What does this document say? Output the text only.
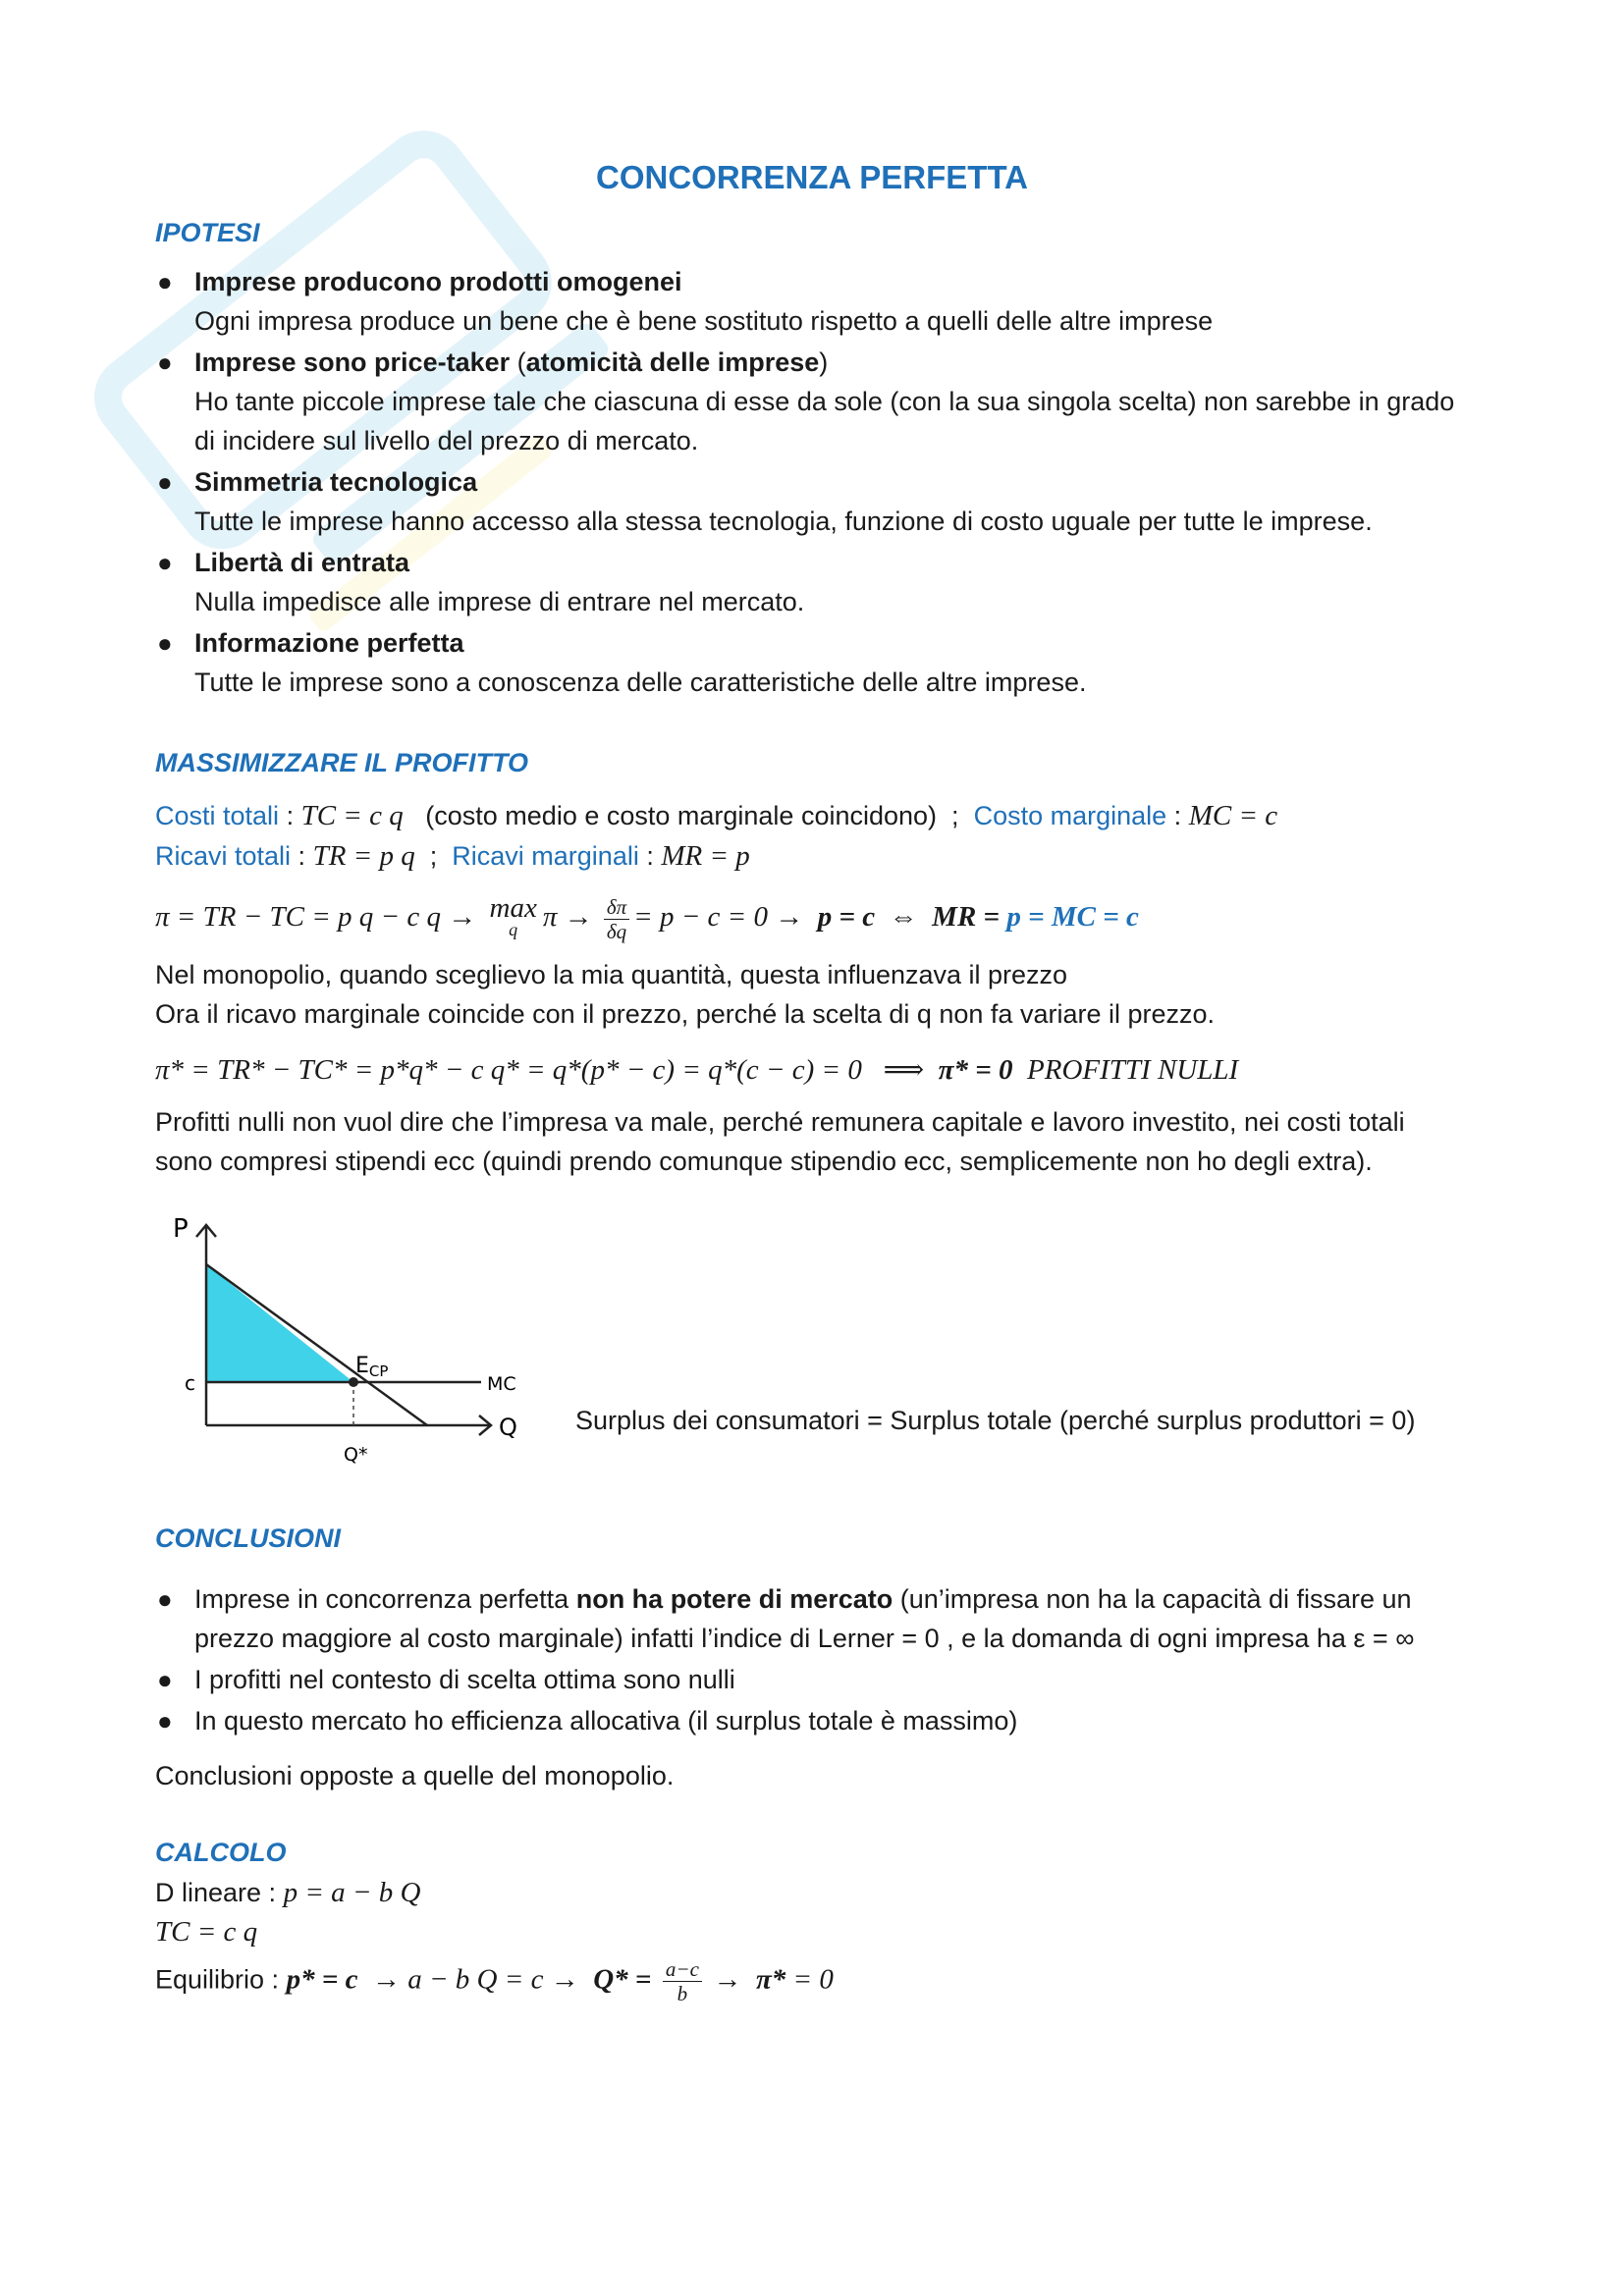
CONCORRENZA PERFETTA
IPOTESI
● Imprese producono prodotti omogenei
Ogni impresa produce un bene che è bene sostituto rispetto a quelli delle altre imprese
● Imprese sono price-taker (atomicità delle imprese)
Ho tante piccole imprese tale che ciascuna di esse da sole (con la sua singola scelta) non sarebbe in grado
di incidere sul livello del prezzo di mercato.
● Simmetria tecnologica
Tutte le imprese hanno accesso alla stessa tecnologia, funzione di costo uguale per tutte le imprese.
● Libertà di entrata
Nulla impedisce alle imprese di entrare nel mercato.
● Informazione perfetta
Tutte le imprese sono a conoscenza delle caratteristiche delle altre imprese.
MASSIMIZZARE IL PROFITTO
Costi totali : TC = c q (costo medio e costo marginale coincidono) ; Costo marginale : MC = c
Ricavi totali : TR = p q ; Ricavi marginali : MR = p
π = TR − TC = p q − c q → max
q $\pi \to \frac{\delta\pi}{\delta q} = p - c = 0 \to p = c$ ⇔ MR = p = MC = c
Nel monopolio, quando sceglievo la mia quantità, questa influenzava il prezzo
Ora il ricavo marginale coincide con il prezzo, perché la scelta di q non fa variare il prezzo.
π* = TR* − TC* = p*q* − c q* = q*(p* − c) = q*(c − c) = 0 ⟹ π* = 0 PROFITTI NULLI
Profitti nulli non vuol dire che l’impresa va male, perché remunera capitale e lavoro investito, nei costi totali
sono compresi stipendi ecc (quindi prendo comunque stipendio ecc, semplicemente non ho degli extra).
P
c
ECP
MC
Q
Q*
Surplus dei consumatori = Surplus totale (perché surplus produttori = 0)
CONCLUSIONI
● Imprese in concorrenza perfetta non ha potere di mercato (un’impresa non ha la capacità di fissare un
prezzo maggiore al costo marginale) infatti l’indice di Lerner = 0 , e la domanda di ogni impresa ha ε = ∞
● I profitti nel contesto di scelta ottima sono nulli
● In questo mercato ho efficienza allocativa (il surplus totale è massimo)
Conclusioni opposte a quelle del monopolio.
CALCOLO
D lineare : p = a − b Q
TC = c q
Equilibrio : p* = c → a − b $Q = c \to Q* = \frac{a-c}{b} \to \pi* = 0$
